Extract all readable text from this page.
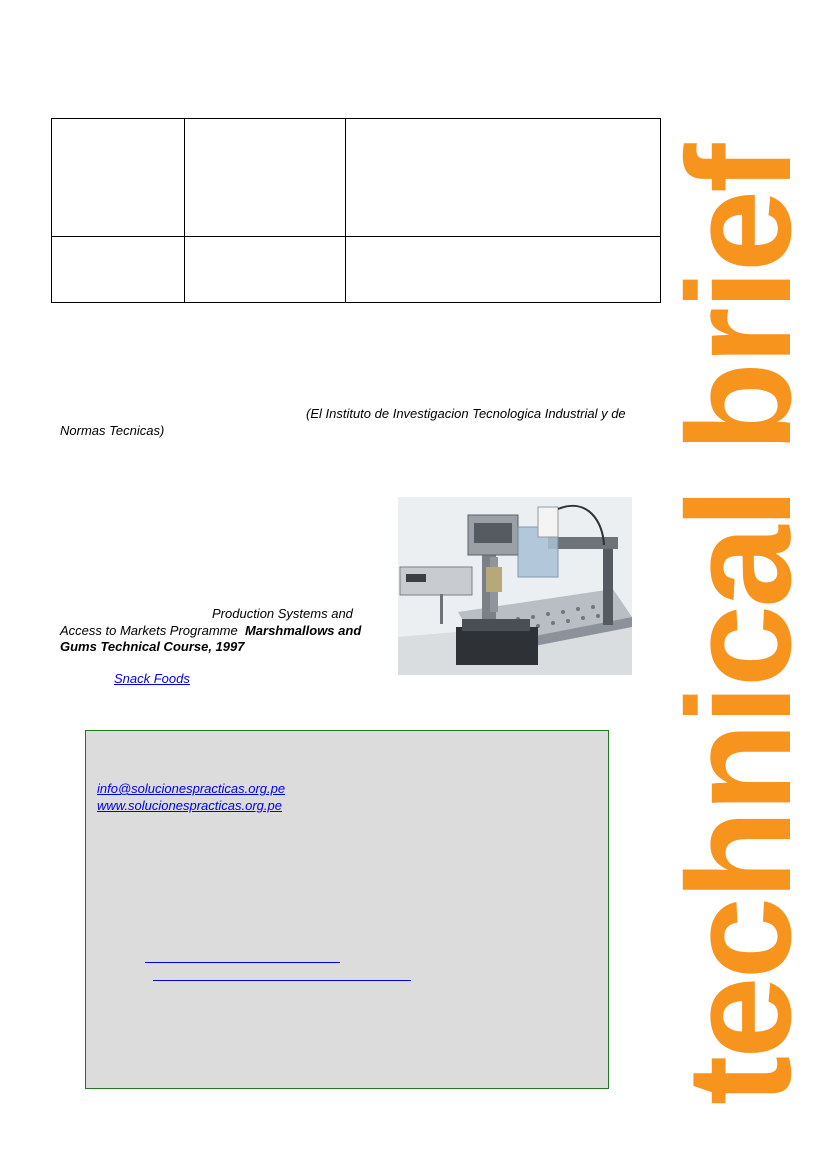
(El Instituto de Investigacion Tecnologica Industrial y de
Normas Tecnicas)
Production Systems and
Access to Markets Programme Marshmallows and
Gums Technical Course, 1997
Snack Foods
info@solucionespracticas.org.pe
www.solucionespracticas.org.pe	technical brief
